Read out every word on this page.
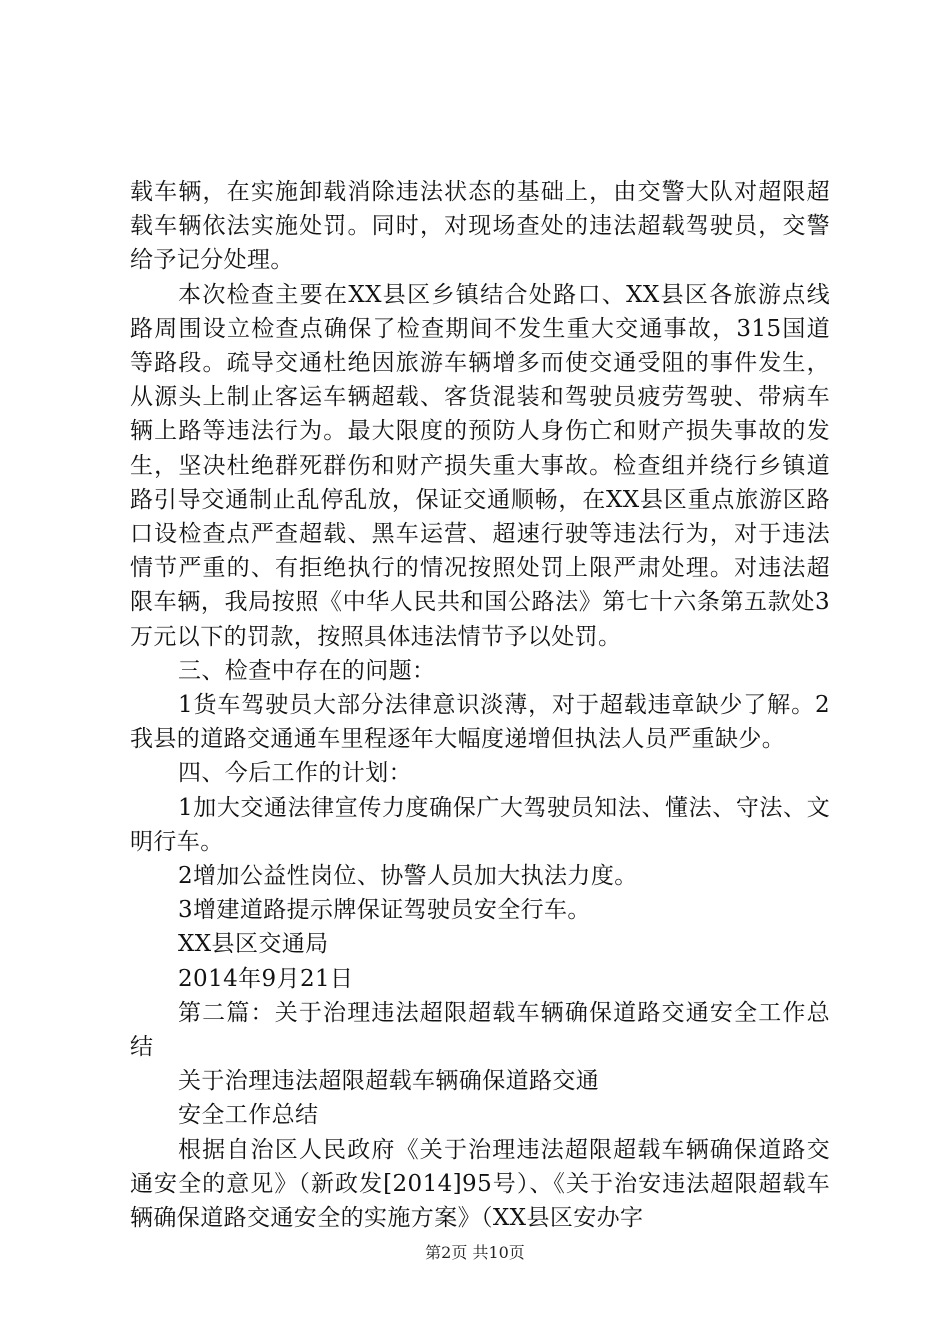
载车辆，在实施卸载消除违法状态的基础上，由交警大队对超限超载车辆依法实施处罚。同时，对现场查处的违法超载驾驶员，交警给予记分处理。

本次检查主要在XX县区乡镇结合处路口、XX县区各旅游点线路周围设立检查点确保了检查期间不发生重大交通事故，315国道等路段。疏导交通杜绝因旅游车辆增多而使交通受阻的事件发生，从源头上制止客运车辆超载、客货混装和驾驶员疲劳驾驶、带病车辆上路等违法行为。最大限度的预防人身伤亡和财产损失事故的发生，坚决杜绝群死群伤和财产损失重大事故。检查组并绕行乡镇道路引导交通制止乱停乱放，保证交通顺畅，在XX县区重点旅游区路口设检查点严查超载、黑车运营、超速行驶等违法行为，对于违法情节严重的、有拒绝执行的情况按照处罚上限严肃处理。对违法超限车辆，我局按照《中华人民共和国公路法》第七十六条第五款处3万元以下的罚款，按照具体违法情节予以处罚。

三、检查中存在的问题：

1货车驾驶员大部分法律意识淡薄，对于超载违章缺少了解。2我县的道路交通通车里程逐年大幅度递增但执法人员严重缺少。

四、今后工作的计划：

1加大交通法律宣传力度确保广大驾驶员知法、懂法、守法、文明行车。

2增加公益性岗位、协警人员加大执法力度。

3增建道路提示牌保证驾驶员安全行车。

XX县区交通局

2014年9月21日

第二篇：关于治理违法超限超载车辆确保道路交通安全工作总结

关于治理违法超限超载车辆确保道路交通

安全工作总结

根据自治区人民政府《关于治理违法超限超载车辆确保道路交通安全的意见》（新政发[2014]95号）、《关于治安违法超限超载车辆确保道路交通安全的实施方案》（XX县区安办字

第2页 共10页
